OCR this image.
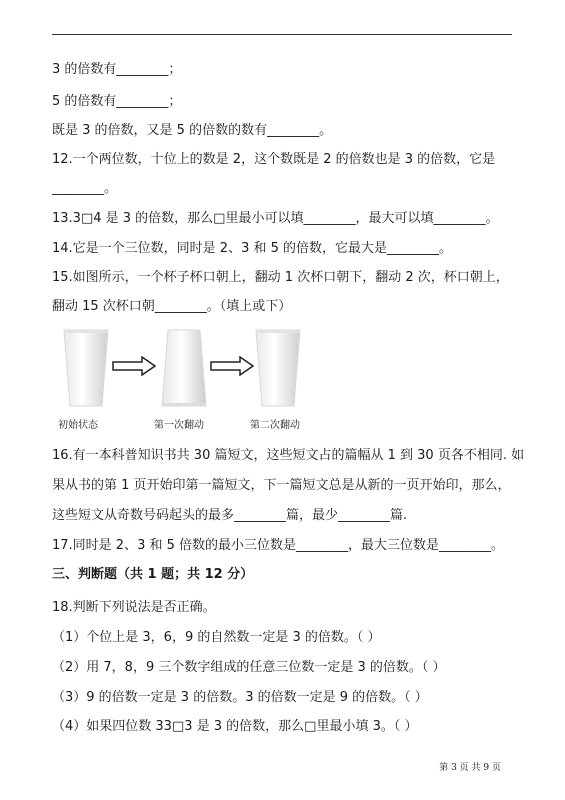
3 的倍数有________；
5 的倍数有________；
既是 3 的倍数，又是 5 的倍数的数有________。
12.一个两位数，十位上的数是 2，这个数既是 2 的倍数也是 3 的倍数，它是
________。
13.3□4 是 3 的倍数，那么□里最小可以填________，最大可以填________。
14.它是一个三位数，同时是 2、3 和 5 的倍数，它最大是________。
15.如图所示，一个杯子杯口朝上，翻动 1 次杯口朝下，翻动 2 次，杯口朝上，
翻动 15 次杯口朝________。（填上或下）
初始状态	第一次翻动	第二次翻动
16.有一本科普知识书共 30 篇短文，这些短文占的篇幅从 1 到 30 页各不相同. 如
果从书的第 1 页开始印第一篇短文，下一篇短文总是从新的一页开始印，那么，
这些短文从奇数号码起头的最多________篇，最少________篇.
17.同时是 2、3 和 5 倍数的最小三位数是________，最大三位数是________。
三、判断题（共 1 题；共 12 分）
18.判断下列说法是否正确。
（1）个位上是 3，6，9 的自然数一定是 3 的倍数。（ ）
（2）用 7，8，9 三个数字组成的任意三位数一定是 3 的倍数。（ ）
（3）9 的倍数一定是 3 的倍数。3 的倍数一定是 9 的倍数。（ ）
（4）如果四位数 33□3 是 3 的倍数，那么□里最小填 3。（ ）
第 3 页 共 9 页
